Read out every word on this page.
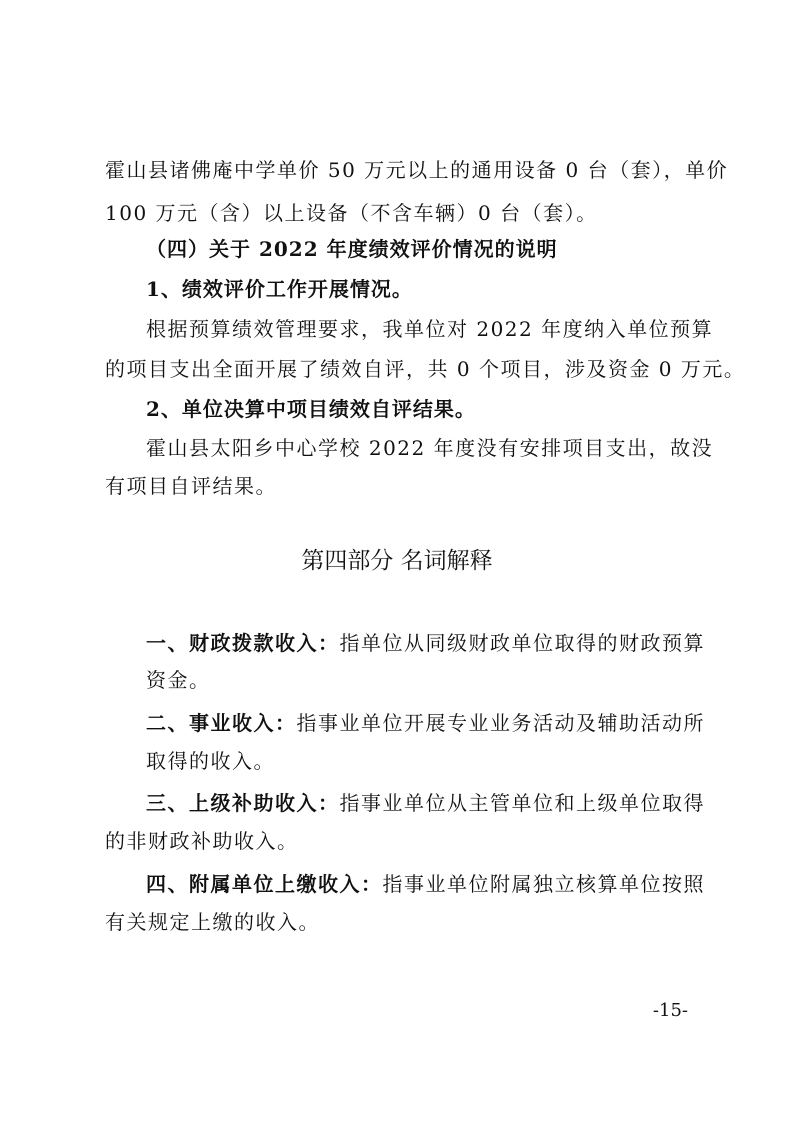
霍山县诸佛庵中学单价 50 万元以上的通用设备 0 台（套），单价
100 万元（含）以上设备（不含车辆）0 台（套）。
（四）关于 2022 年度绩效评价情况的说明
1、绩效评价工作开展情况。
根据预算绩效管理要求，我单位对 2022 年度纳入单位预算
的项目支出全面开展了绩效自评，共 0 个项目，涉及资金 0 万元。
2、单位决算中项目绩效自评结果。
霍山县太阳乡中心学校 2022 年度没有安排项目支出，故没
有项目自评结果。
第四部分 名词解释
一、财政拨款收入：指单位从同级财政单位取得的财政预算
资金。
二、事业收入：指事业单位开展专业业务活动及辅助活动所
取得的收入。
三、上级补助收入：指事业单位从主管单位和上级单位取得
的非财政补助收入。
四、附属单位上缴收入：指事业单位附属独立核算单位按照
有关规定上缴的收入。
-15-
